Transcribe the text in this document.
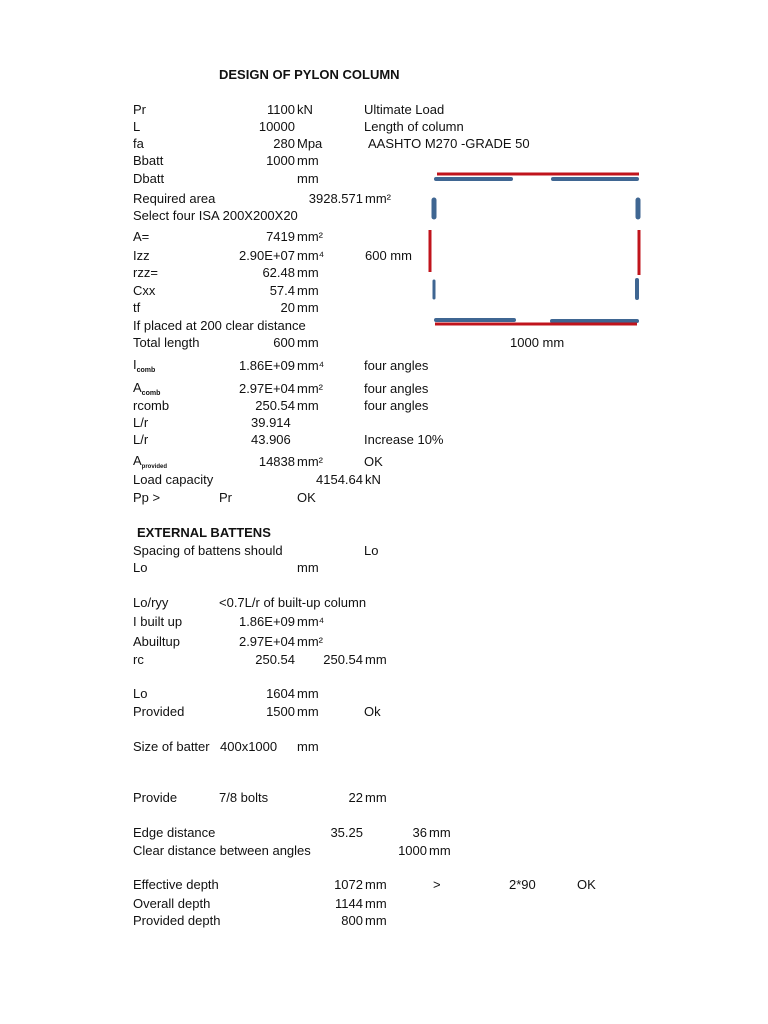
DESIGN OF PYLON COLUMN
Pr	1100 kN	Ultimate Load
L	10000	Length of column
fa	280 Mpa	AASHTO M270 -GRADE 50
Bbatt	1000 mm
Dbatt	mm
Required area	3928.571 mm²
Select four ISA 200X200X20
A=	7419 mm²
Izz	2.90E+07 mm⁴	600 mm
rzz=	62.48 mm
Cxx	57.4 mm
tf	20 mm
If placed at 200 clear distance
Total length	600 mm	1000 mm
$I_{comb}$	1.86E+09 mm⁴	four angles
$A_{comb}$	2.97E+04 mm²	four angles
rcomb	250.54 mm	four angles
L/r	39.914
L/r	43.906	Increase 10%
$A_{provided}$	14838 mm²	OK
Load capacity	4154.64 kN
Pp >	Pr	OK
EXTERNAL BATTENS
Spacing of battens should	Lo
Lo	mm
Lo/ryy	<0.7L/r of built-up column
I built up	1.86E+09 mm⁴
Abuiltup	2.97E+04 mm²
rc	250.54	250.54 mm
Lo	1604 mm
Provided	1500 mm	Ok
Size of batter 400x1000 mm
Provide	7/8 bolts	22 mm
Edge distance	35.25	36 mm
Clear distance between angles	1000 mm
Effective depth	1072 mm	>	2*90	OK
Overall depth	1144 mm
Provided depth	800 mm
